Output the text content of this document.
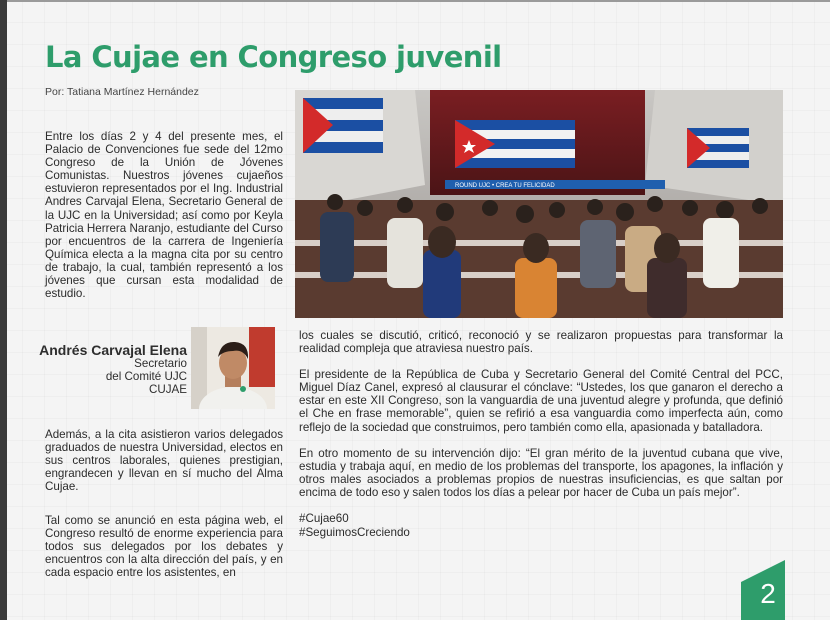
La Cujae en Congreso juvenil
Por: Tatiana Martínez Hernández
ROUND UJC • CREA TU FELICIDAD

Entre los días 2 y 4 del presente mes, el Palacio de Convenciones fue sede del 12mo Congreso de la Unión de Jóvenes Comunistas. Nuestros jóvenes cujaeños estuvieron representados por el Ing. Industrial Andres Carvajal Elena, Secretario General de la UJC en la Universidad; así como por Keyla Patricia Herrera Naranjo, estudiante del Curso por encuentros de la carrera de Ingeniería Química electa a la magna cita por su centro de trabajo, la cual, también representó a los jóvenes que cursan esta modalidad de estudio.

Andrés Carvajal Elena
Secretario
del Comité UJC
CUJAE

Además, a la cita asistieron varios delegados graduados de nuestra Universidad, electos en sus centros laborales, quienes prestigian, engrandecen y llevan en sí mucho del Alma Cujae.

Tal como se anunció en esta página web, el Congreso resultó de enorme experiencia para todos sus delegados por los debates y encuentros con la alta dirección del país, y en cada espacio entre los asistentes, en

los cuales se discutió, criticó, reconoció y se realizaron propuestas para transformar la realidad compleja que atraviesa nuestro país.

El presidente de la República de Cuba y Secretario General del Comité Central del PCC, Miguel Díaz Canel, expresó al clausurar el cónclave: “Ustedes, los que ganaron el derecho a estar en este XII Congreso, son la vanguardia de una juventud alegre y profunda, que definió el Che en frase memorable”, quien se refirió a esa vanguardia como imperfecta aún, como reflejo de la sociedad que construimos, pero también como ella, apasionada y batalladora.

En otro momento de su intervención dijo: “El gran mérito de la juventud cubana que vive, estudia y trabaja aquí, en medio de los problemas del transporte, los apagones, la inflación y otros males asociados a problemas propios de nuestras insuficiencias, es que saltan por encima de todo eso y salen todos los días a pelear por hacer de Cuba un país mejor”.

#Cujae60
#SeguimosCreciendo
2
